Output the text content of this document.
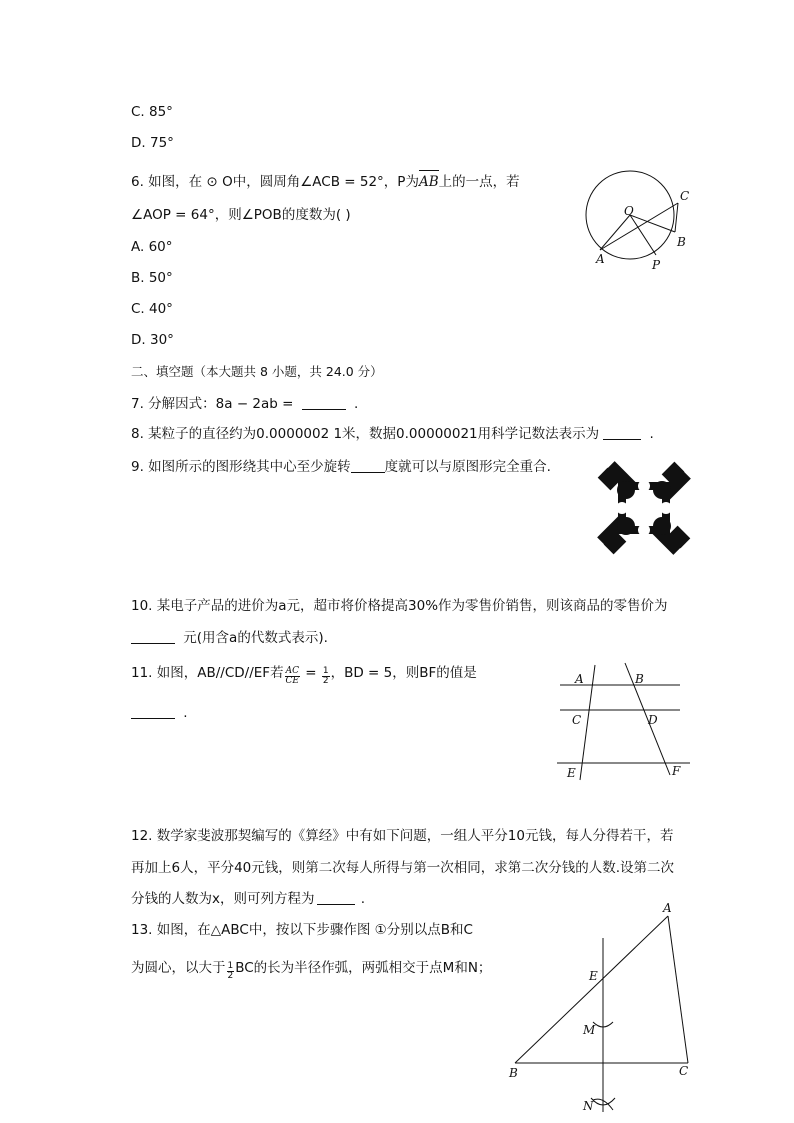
C. 85°
D. 75°
6. 如图，在 ⊙ O中，圆周角∠ACB = 52°，P为AB上的一点，若
∠AOP = 64°，则∠POB的度数为( )
A. 60°
B. 50°
C. 40°
D. 30°
O
C
B
A	P
二、填空题（本大题共 8 小题，共 24.0 分）
7. 分解因式：8a − 2ab =	.
8. 某粒子的直径约为0.0000002 1米，数据0.00000021用科学记数法表示为	.
9. 如图所示的图形绕其中心至少旋转	度就可以与原图形完全重合.
10. 某电子产品的进价为a元，超市将价格提高30%作为零售价销售，则该商品的零售价为
元(用含a的代数式表示).
11. 如图，AB//CD//EF若 $\frac{AC}{CE} = \frac{1}{2}$ ，BD = 5，则BF的值是
.
A	B
C	D
E	F
12. 数学家斐波那契编写的《算经》中有如下问题，一组人平分10元钱，每人分得若干，若
再加上6人，平分40元钱，则第二次每人所得与第一次相同，求第二次分钱的人数.设第二次
分钱的人数为x，则可列方程为	.
13. 如图，在△ABC中，按以下步骤作图 ①分别以点B和C
为圆心，以大于 $\frac{1}{2}$ BC的长为半径作弧，两弧相交于点M和N；
A
E
M
B	C
N
